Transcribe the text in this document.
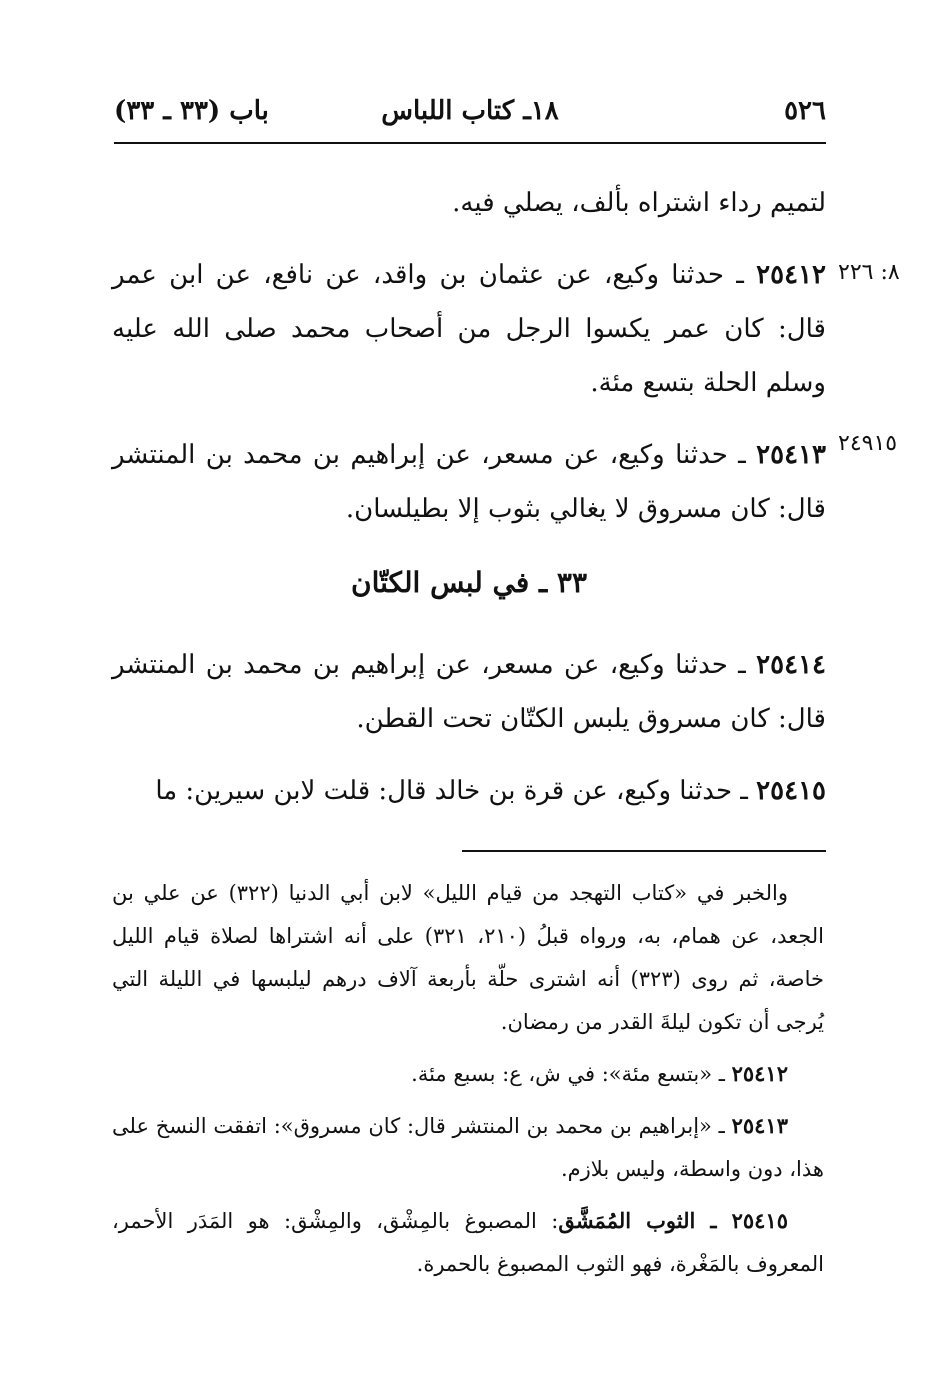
٥٢٦
١٨ـ كتاب اللباس
باب (٣٣ ـ ٣٣)
٨: ٢٢٦
٢٤٩١٥

لتميم رداء اشتراه بألف، يصلي فيه.

٢٥٤١٢ ـ حدثنا وكيع، عن عثمان بن واقد، عن نافع، عن ابن عمر قال: كان عمر يكسوا الرجل من أصحاب محمد صلى الله عليه وسلم الحلة بتسع مئة.

٢٥٤١٣ ـ حدثنا وكيع، عن مسعر، عن إبراهيم بن محمد بن المنتشر قال: كان مسروق لا يغالي بثوب إلا بطيلسان.

٣٣ ـ في لبس الكتّان

٢٥٤١٤ ـ حدثنا وكيع، عن مسعر، عن إبراهيم بن محمد بن المنتشر قال: كان مسروق يلبس الكتّان تحت القطن.

٢٥٤١٥ ـ حدثنا وكيع، عن قرة بن خالد قال: قلت لابن سيرين: ما

والخبر في «كتاب التهجد من قيام الليل» لابن أبي الدنيا (٣٢٢) عن علي بن الجعد، عن همام، به، ورواه قبلُ (٢١٠، ٣٢١) على أنه اشتراها لصلاة قيام الليل خاصة، ثم روى (٣٢٣) أنه اشترى حلّة بأربعة آلاف درهم ليلبسها في الليلة التي يُرجى أن تكون ليلةَ القدر من رمضان.

٢٥٤١٢ ـ «بتسع مئة»: في ش، ع: بسبع مئة.

٢٥٤١٣ ـ «إبراهيم بن محمد بن المنتشر قال: كان مسروق»: اتفقت النسخ على هذا، دون واسطة، وليس بلازم.

٢٥٤١٥ ـ الثوب المُمَشَّق: المصبوغ بالمِشْق، والمِشْق: هو المَدَر الأحمر، المعروف بالمَغْرة، فهو الثوب المصبوغ بالحمرة.
